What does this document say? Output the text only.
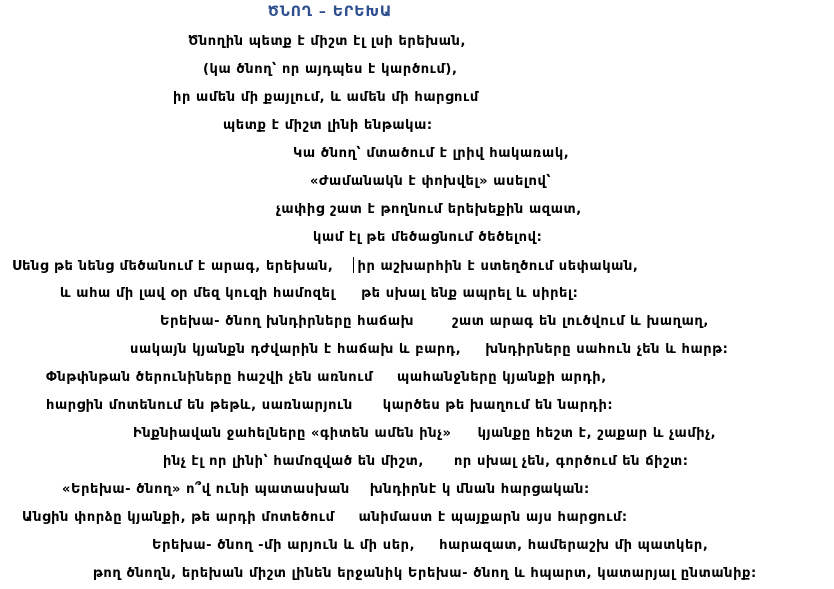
ԾՆՈՂ – ԵՐԵԽԱ
Ծնողին պետք է միշտ էլ լսի երեխան,
(կա ծնող՝ որ այդպես է կարծում),
իր ամեն մի քայլում, և ամեն մի հարցում
պետք է միշտ լինի ենթակա:
Կա ծնող՝ մտածում է լրիվ հակառակ,
«Ժամանակն է փոխվել» ասելով՝
չափից շատ է թողնում երեխեքին ազատ,
կամ էլ թե մեծացնում ծեծելով:
Սենց թե նենց մեծանում է արագ, երեխան, իր աշխարհին է ստեղծում սեփական,
և ահա մի լավ օր մեզ կուզի համոզել թե սխալ ենք ապրել և սիրել:
Երեխա- ծնող խնդիրները հաճախ	շատ արագ են լուծվում և խաղաղ,
սակայն կյանքն դժվարին է հաճախ և բարդ, խնդիրները սահուն չեն և հարթ:
Փնթփնթան ծերունիները հաշվի չեն առնում պահանջները կյանքի արդի,
հարցին մոտենում են թեթև, սառնարյուն կարծես թե խաղում են նարդի:
Ինքնիավան ջահելները «գիտեն ամեն ինչ» կյանքը հեշտ է, շաքար և չամիչ,
ինչ էլ որ լինի՝ համոզված են միշտ, որ սխալ չեն, գործում են ճիշտ:
«Երեխա- ծնող» ո՞վ ունի պատասխան խնդիրնէ կ մնան հարցական:
Անցին փորձը կյանքի, թե արդի մոտեծում անիմաստ է պայքարն այս հարցում:
Երեխա- ծնող -մի արյուն և մի սեր, հարազատ, համերաշխ մի պատկեր,
թող ծնողն, երեխան միշտ լինեն երջանիկ Երեխա- ծնող և հպարտ, կատարյալ ընտանիք:
